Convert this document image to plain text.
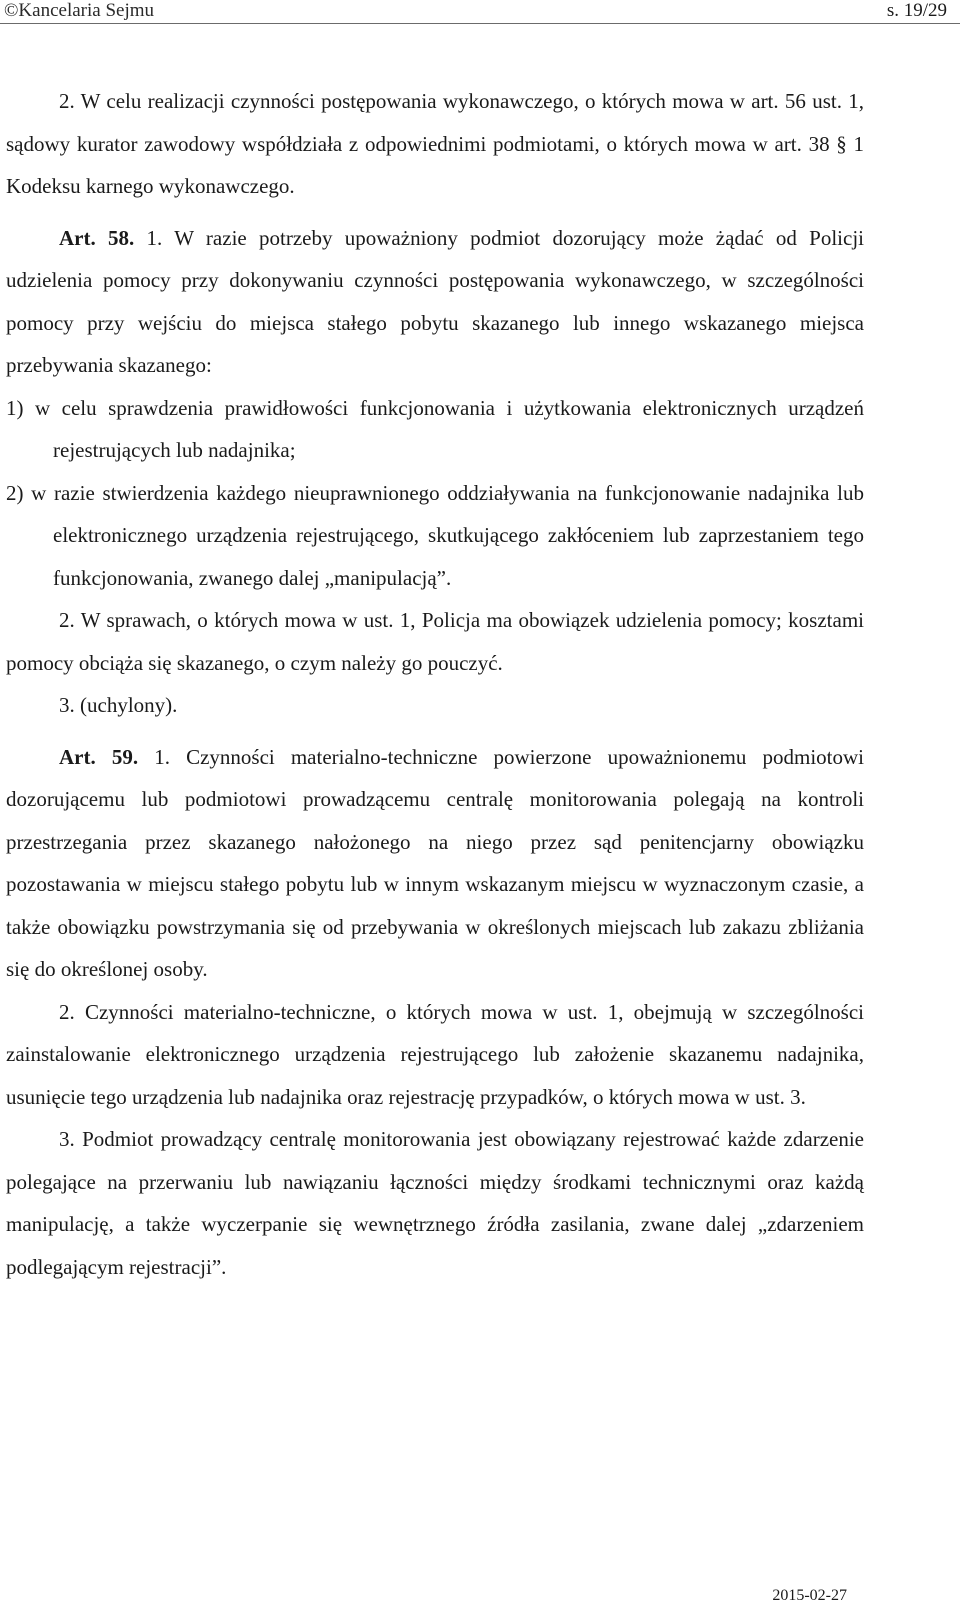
©Kancelaria Sejmu	s. 19/29

2. W celu realizacji czynności postępowania wykonawczego, o których mowa w art. 56 ust. 1, sądowy kurator zawodowy współdziała z odpowiednimi podmiotami, o których mowa w art. 38 § 1 Kodeksu karnego wykonawczego.

Art. 58. 1. W razie potrzeby upoważniony podmiot dozorujący może żądać od Policji udzielenia pomocy przy dokonywaniu czynności postępowania wykonawczego, w szczególności pomocy przy wejściu do miejsca stałego pobytu skazanego lub innego wskazanego miejsca przebywania skazanego:

1) w celu sprawdzenia prawidłowości funkcjonowania i użytkowania elektronicznych urządzeń rejestrujących lub nadajnika;

2) w razie stwierdzenia każdego nieuprawnionego oddziaływania na funkcjonowanie nadajnika lub elektronicznego urządzenia rejestrującego, skutkującego zakłóceniem lub zaprzestaniem tego funkcjonowania, zwanego dalej „manipulacją”.

2. W sprawach, o których mowa w ust. 1, Policja ma obowiązek udzielenia pomocy; kosztami pomocy obciąża się skazanego, o czym należy go pouczyć.

3. (uchylony).

Art. 59. 1. Czynności materialno-techniczne powierzone upoważnionemu podmiotowi dozorującemu lub podmiotowi prowadzącemu centralę monitorowania polegają na kontroli przestrzegania przez skazanego nałożonego na niego przez sąd penitencjarny obowiązku pozostawania w miejscu stałego pobytu lub w innym wskazanym miejscu w wyznaczonym czasie, a także obowiązku powstrzymania się od przebywania w określonych miejscach lub zakazu zbliżania się do określonej osoby.

2. Czynności materialno-techniczne, o których mowa w ust. 1, obejmują w szczególności zainstalowanie elektronicznego urządzenia rejestrującego lub założenie skazanemu nadajnika, usunięcie tego urządzenia lub nadajnika oraz rejestrację przypadków, o których mowa w ust. 3.

3. Podmiot prowadzący centralę monitorowania jest obowiązany rejestrować każde zdarzenie polegające na przerwaniu lub nawiązaniu łączności między środkami technicznymi oraz każdą manipulację, a także wyczerpanie się wewnętrznego źródła zasilania, zwane dalej „zdarzeniem podlegającym rejestracji”.

2015-02-27
